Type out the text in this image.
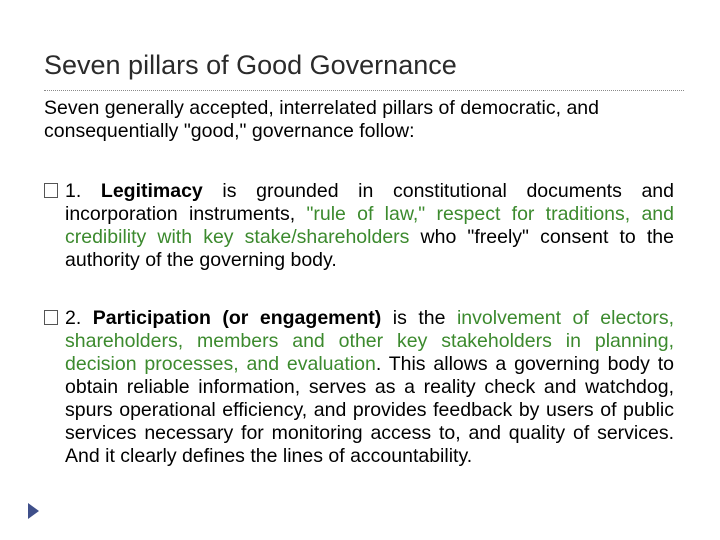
Seven pillars of Good Governance
Seven generally accepted, interrelated pillars of democratic, and consequentially "good," governance follow:
1. Legitimacy is grounded in constitutional documents and incorporation instruments, "rule of law," respect for traditions, and credibility with key stake/shareholders who "freely" consent to the authority of the governing body.
2. Participation (or engagement) is the involvement of electors, shareholders, members and other key stakeholders in planning, decision processes, and evaluation. This allows a governing body to obtain reliable information, serves as a reality check and watchdog, spurs operational efficiency, and provides feedback by users of public services necessary for monitoring access to, and quality of services. And it clearly defines the lines of accountability.
